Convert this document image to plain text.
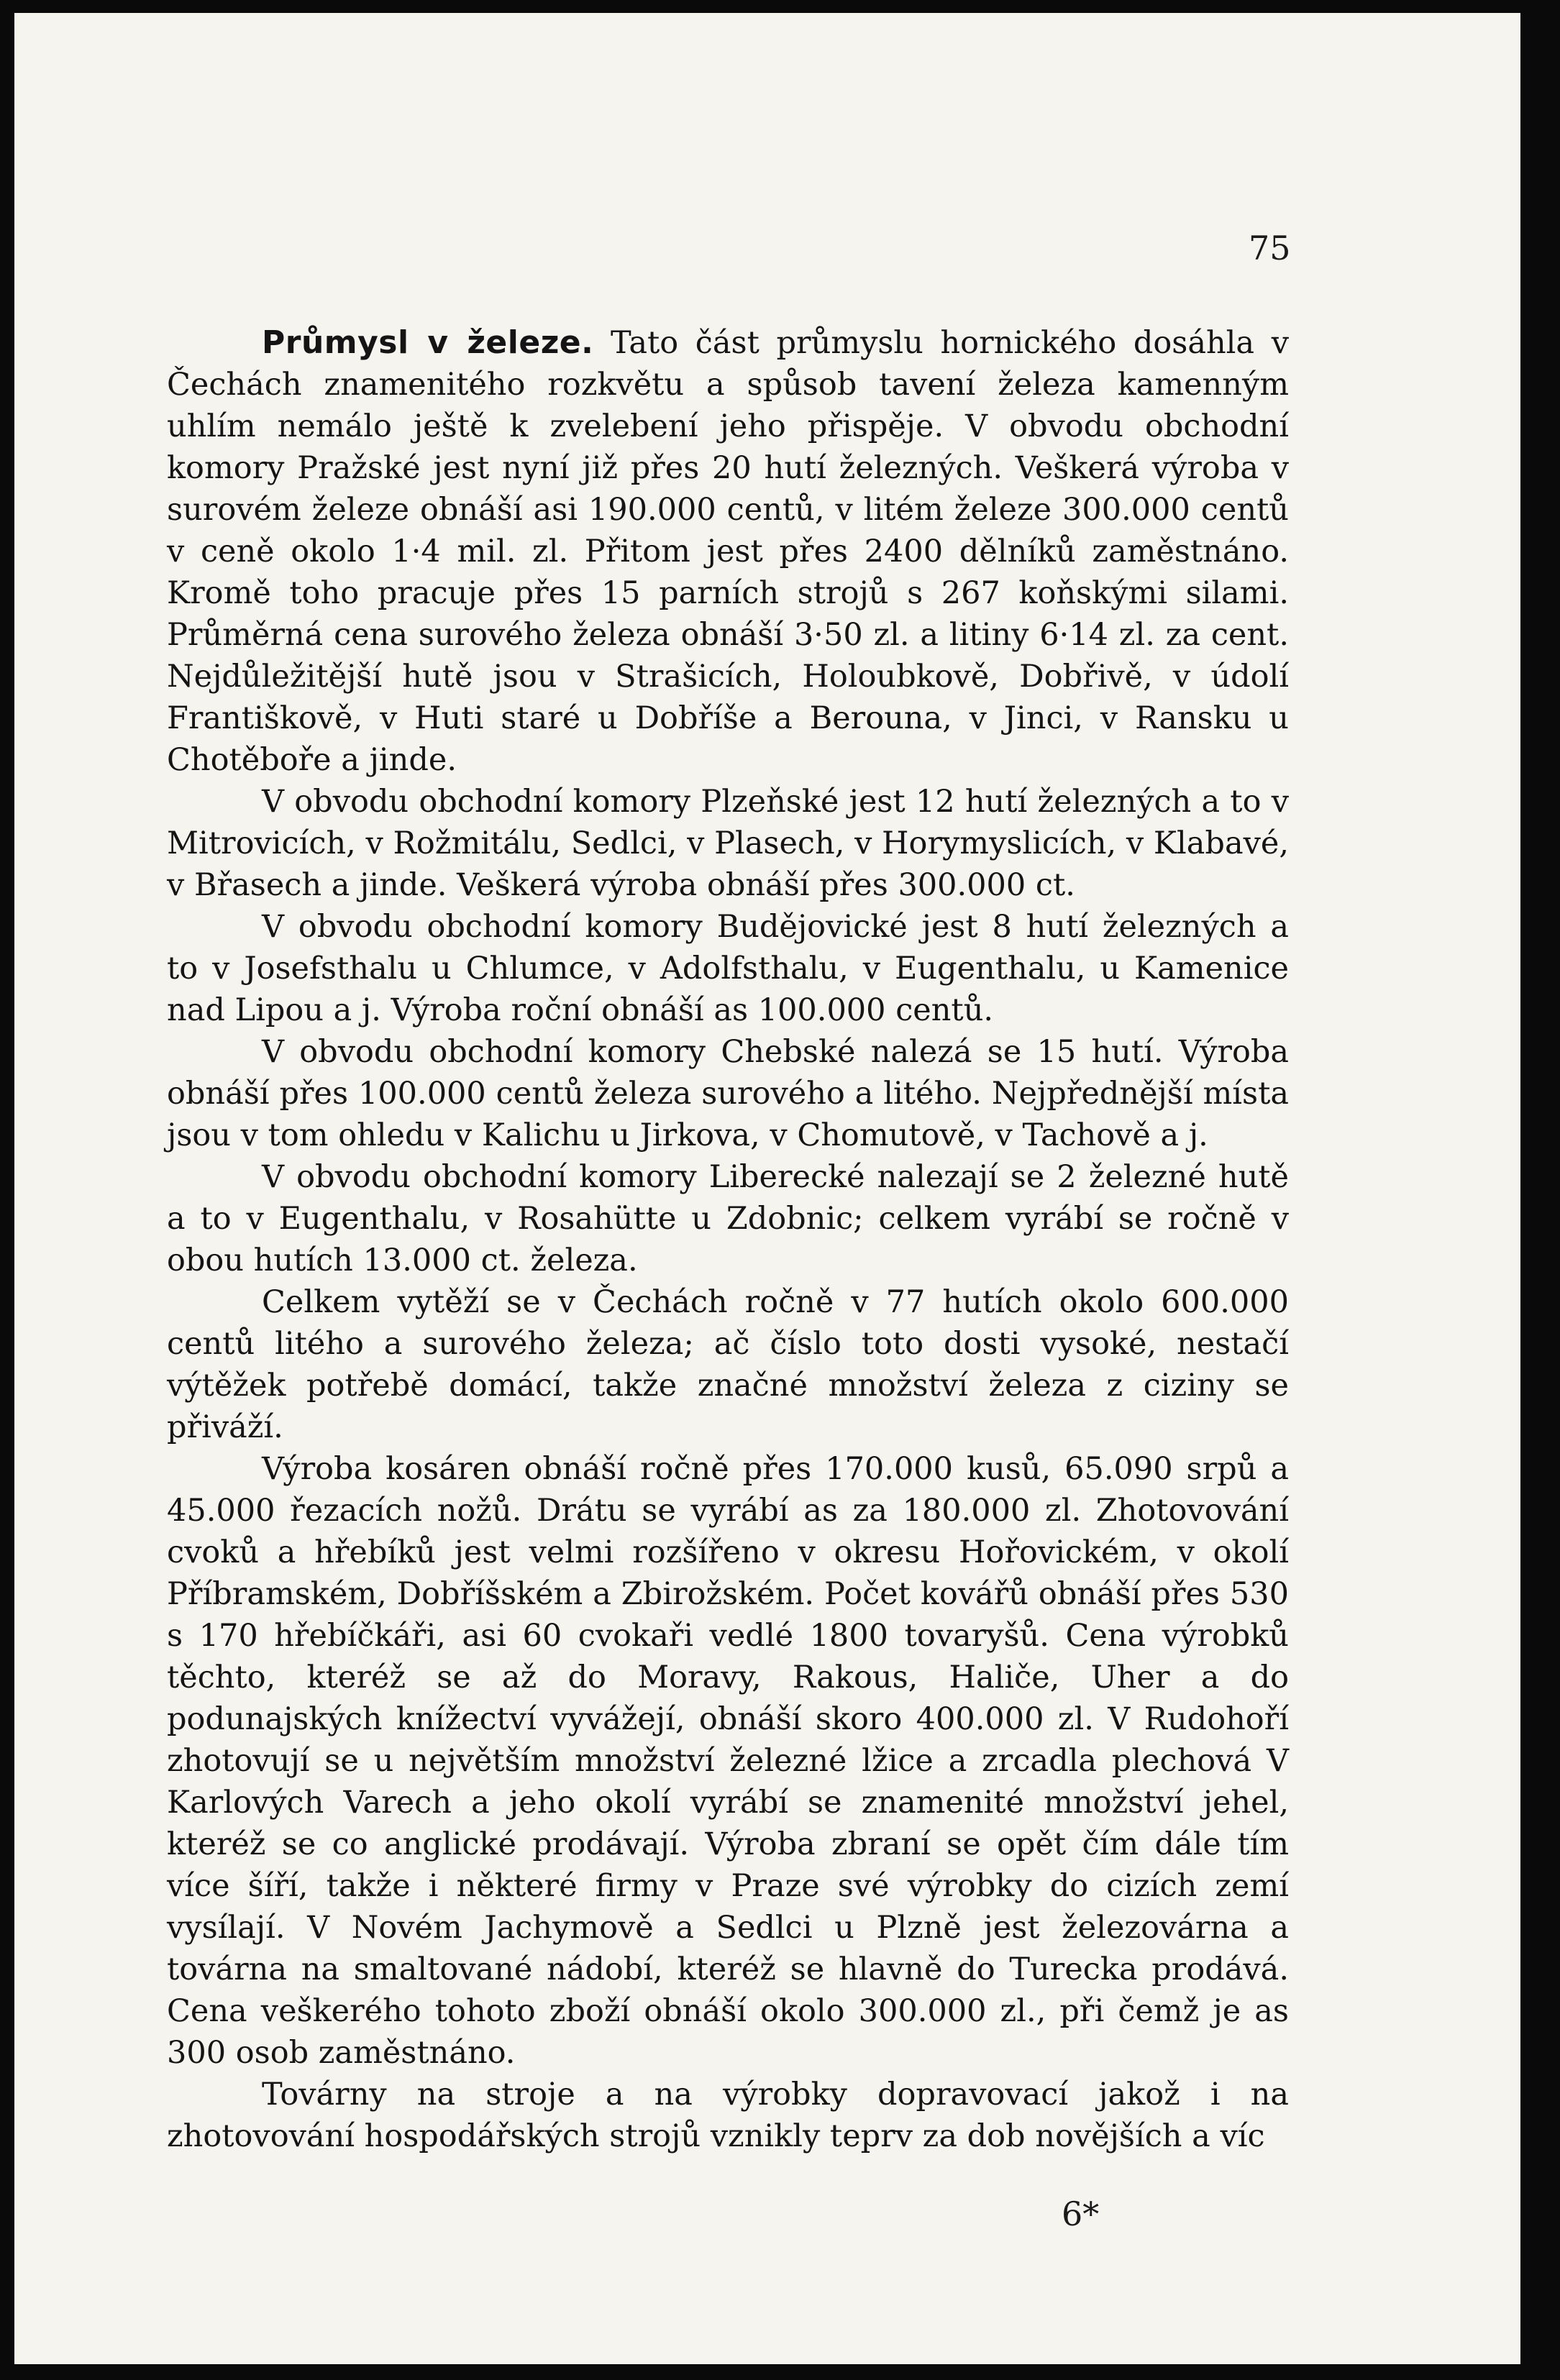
75

Průmysl v železe. Tato část průmyslu hornického dosáhla v Čechách znamenitého rozkvětu a spůsob tavení železa kamenným uhlím nemálo ještě k zvelebení jeho přispěje. V obvodu obchodní komory Pražské jest nyní již přes 20 hutí železných. Veškerá výroba v surovém železe obnáší asi 190.000 centů, v litém železe 300.000 centů v ceně okolo 1·4 mil. zl. Přitom jest přes 2400 dělníků zaměstnáno. Kromě toho pracuje přes 15 parních strojů s 267 koňskými silami. Průměrná cena surového železa obnáší 3·50 zl. a litiny 6·14 zl. za cent. Nejdůležitější hutě jsou v Strašicích, Holoubkově, Dobřivě, v údolí Františkově, v Huti staré u Dobříše a Berouna, v Jinci, v Ransku u Chotěboře a jinde.

V obvodu obchodní komory Plzeňské jest 12 hutí železných a to v Mitrovicích, v Rožmitálu, Sedlci, v Plasech, v Horymyslicích, v Klabavé, v Břasech a jinde. Veškerá výroba obnáší přes 300.000 ct.

V obvodu obchodní komory Budějovické jest 8 hutí železných a to v Josefsthalu u Chlumce, v Adolfsthalu, v Eugenthalu, u Kamenice nad Lipou a j. Výroba roční obnáší as 100.000 centů.

V obvodu obchodní komory Chebské nalezá se 15 hutí. Výroba obnáší přes 100.000 centů železa surového a litého. Nejpřednější místa jsou v tom ohledu v Kalichu u Jirkova, v Chomutově, v Tachově a j.

V obvodu obchodní komory Liberecké nalezají se 2 železné hutě a to v Eugenthalu, v Rosahütte u Zdobnic; celkem vyrábí se ročně v obou hutích 13.000 ct. železa.

Celkem vytěží se v Čechách ročně v 77 hutích okolo 600.000 centů litého a surového železa; ač číslo toto dosti vysoké, nestačí výtěžek potřebě domácí, takže značné množství železa z ciziny se přiváží.

Výroba kosáren obnáší ročně přes 170.000 kusů, 65.090 srpů a 45.000 řezacích nožů. Drátu se vyrábí as za 180.000 zl. Zhotovování cvoků a hřebíků jest velmi rozšířeno v okresu Hořovickém, v okolí Příbramském, Dobříšském a Zbirožském. Počet kovářů obnáší přes 530 s 170 hřebíčkáři, asi 60 cvokaři vedlé 1800 tovaryšů. Cena výrobků těchto, kteréž se až do Moravy, Rakous, Haliče, Uher a do podunajských knížectví vyvážejí, obnáší skoro 400.000 zl. V Rudohoří zhotovují se u největším množství železné lžice a zrcadla plechová V Karlových Varech a jeho okolí vyrábí se znamenité množství jehel, kteréž se co anglické prodávají. Výroba zbraní se opět čím dále tím více šíří, takže i některé firmy v Praze své výrobky do cizích zemí vysílají. V Novém Jachymově a Sedlci u Plzně jest železovárna a továrna na smaltované nádobí, kteréž se hlavně do Turecka prodává. Cena veškerého tohoto zboží obnáší okolo 300.000 zl., při čemž je as 300 osob zaměstnáno.

Továrny na stroje a na výrobky dopravovací jakož i na zhotovování hospodářských strojů vznikly teprv za dob novějších a víc

6*
